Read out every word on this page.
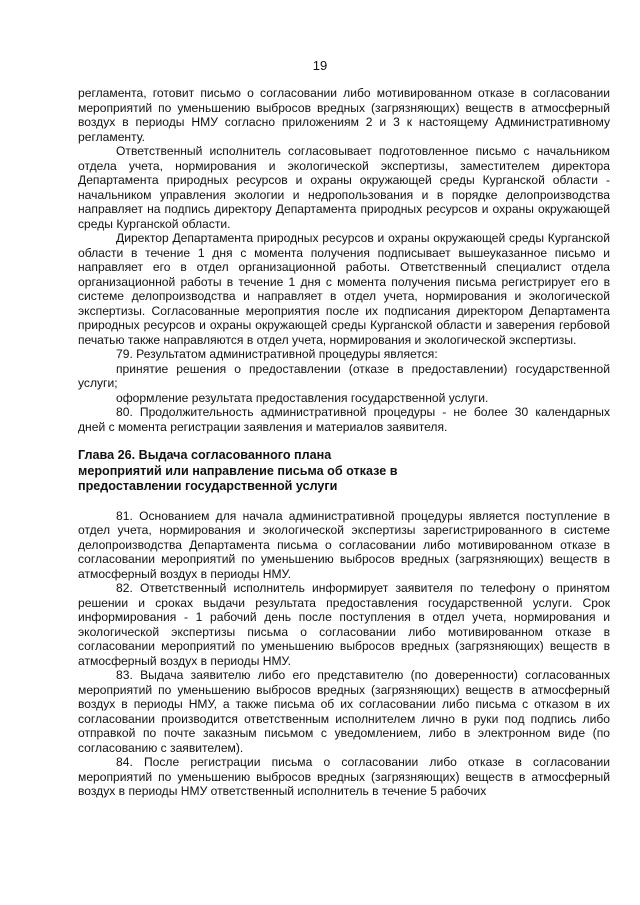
19

регламента, готовит письмо о согласовании либо мотивированном отказе в согласовании мероприятий по уменьшению выбросов вредных (загрязняющих) веществ в атмосферный воздух в периоды НМУ согласно приложениям 2 и 3 к настоящему Административному регламенту.

Ответственный исполнитель согласовывает подготовленное письмо с начальником отдела учета, нормирования и экологической экспертизы, заместителем директора Департамента природных ресурсов и охраны окружающей среды Курганской области - начальником управления экологии и недропользования и в порядке делопроизводства направляет на подпись директору Департамента природных ресурсов и охраны окружающей среды Курганской области.

Директор Департамента природных ресурсов и охраны окружающей среды Курганской области в течение 1 дня с момента получения подписывает вышеуказанное письмо и направляет его в отдел организационной работы. Ответственный специалист отдела организационной работы в течение 1 дня с момента получения письма регистрирует его в системе делопроизводства и направляет в отдел учета, нормирования и экологической экспертизы. Согласованные мероприятия после их подписания директором Департамента природных ресурсов и охраны окружающей среды Курганской области и заверения гербовой печатью также направляются в отдел учета, нормирования и экологической экспертизы.

79. Результатом административной процедуры является:

принятие решения о предоставлении (отказе в предоставлении) государственной услуги;

оформление результата предоставления государственной услуги.

80. Продолжительность административной процедуры - не более 30 календарных дней с момента регистрации заявления и материалов заявителя.

Глава 26. Выдача согласованного плана

мероприятий или направление письма об отказе в

предоставлении государственной услуги

81. Основанием для начала административной процедуры является поступление в отдел учета, нормирования и экологической экспертизы зарегистрированного в системе делопроизводства Департамента письма о согласовании либо мотивированном отказе в согласовании мероприятий по уменьшению выбросов вредных (загрязняющих) веществ в атмосферный воздух в периоды НМУ.

82. Ответственный исполнитель информирует заявителя по телефону о принятом решении и сроках выдачи результата предоставления государственной услуги. Срок информирования - 1 рабочий день после поступления в отдел учета, нормирования и экологической экспертизы письма о согласовании либо мотивированном отказе в согласовании мероприятий по уменьшению выбросов вредных (загрязняющих) веществ в атмосферный воздух в периоды НМУ.

83. Выдача заявителю либо его представителю (по доверенности) согласованных мероприятий по уменьшению выбросов вредных (загрязняющих) веществ в атмосферный воздух в периоды НМУ, а также письма об их согласовании либо письма с отказом в их согласовании производится ответственным исполнителем лично в руки под подпись либо отправкой по почте заказным письмом с уведомлением, либо в электронном виде (по согласованию с заявителем).

84. После регистрации письма о согласовании либо отказе в согласовании мероприятий по уменьшению выбросов вредных (загрязняющих) веществ в атмосферный воздух в периоды НМУ ответственный исполнитель в течение 5 рабочих
